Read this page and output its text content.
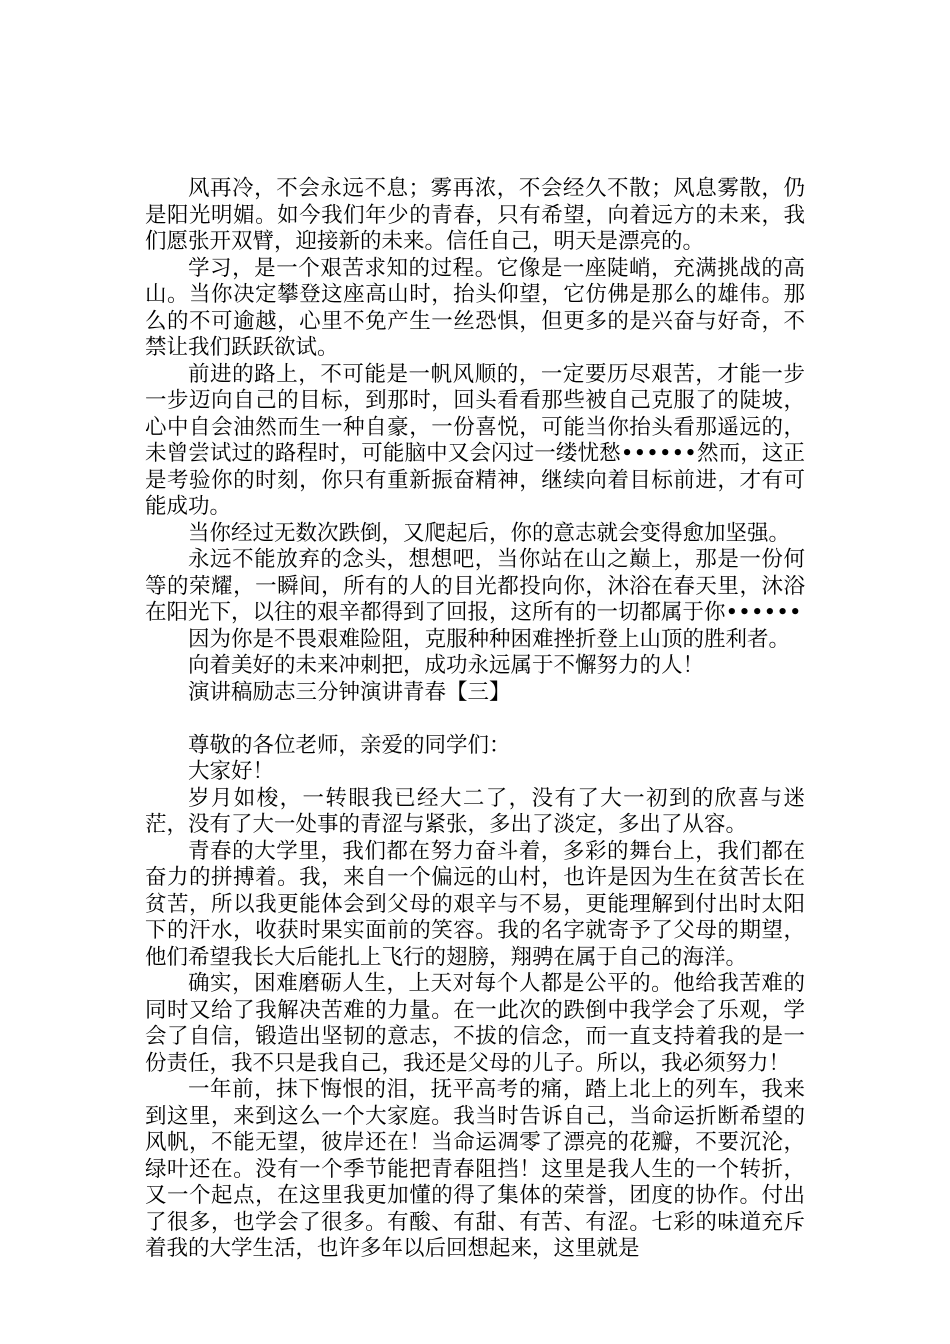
风再冷，不会永远不息；雾再浓，不会经久不散；风息雾散，仍是阳光明媚。如今我们年少的青春，只有希望，向着远方的未来，我们愿张开双臂，迎接新的未来。信任自己，明天是漂亮的。

学习，是一个艰苦求知的过程。它像是一座陡峭，充满挑战的高山。当你决定攀登这座高山时，抬头仰望，它仿佛是那么的雄伟。那么的不可逾越，心里不免产生一丝恐惧，但更多的是兴奋与好奇，不禁让我们跃跃欲试。

前进的路上，不可能是一帆风顺的，一定要历尽艰苦，才能一步一步迈向自己的目标，到那时，回头看看那些被自己克服了的陡坡，心中自会油然而生一种自豪，一份喜悦，可能当你抬头看那遥远的，未曾尝试过的路程时，可能脑中又会闪过一缕忧愁••••••然而，这正是考验你的时刻，你只有重新振奋精神，继续向着目标前进，才有可能成功。

当你经过无数次跌倒，又爬起后，你的意志就会变得愈加坚强。

永远不能放弃的念头，想想吧，当你站在山之巅上，那是一份何等的荣耀，一瞬间，所有的人的目光都投向你，沐浴在春天里，沐浴在阳光下，以往的艰辛都得到了回报，这所有的一切都属于你••••••

因为你是不畏艰难险阻，克服种种困难挫折登上山顶的胜利者。

向着美好的未来冲刺把，成功永远属于不懈努力的人！

演讲稿励志三分钟演讲青春【三】

尊敬的各位老师，亲爱的同学们：

大家好！

岁月如梭，一转眼我已经大二了，没有了大一初到的欣喜与迷茫，没有了大一处事的青涩与紧张，多出了淡定，多出了从容。

青春的大学里，我们都在努力奋斗着，多彩的舞台上，我们都在奋力的拼搏着。我，来自一个偏远的山村，也许是因为生在贫苦长在贫苦，所以我更能体会到父母的艰辛与不易，更能理解到付出时太阳下的汗水，收获时果实面前的笑容。我的名字就寄予了父母的期望，他们希望我长大后能扎上飞行的翅膀，翔骋在属于自己的海洋。

确实，困难磨砺人生，上天对每个人都是公平的。他给我苦难的同时又给了我解决苦难的力量。在一此次的跌倒中我学会了乐观，学会了自信，锻造出坚韧的意志，不拔的信念，而一直支持着我的是一份责任，我不只是我自己，我还是父母的儿子。所以，我必须努力！

一年前，抹下悔恨的泪，抚平高考的痛，踏上北上的列车，我来到这里，来到这么一个大家庭。我当时告诉自己，当命运折断希望的风帆，不能无望，彼岸还在！当命运凋零了漂亮的花瓣，不要沉沦，绿叶还在。没有一个季节能把青春阻挡！这里是我人生的一个转折，又一个起点，在这里我更加懂的得了集体的荣誉，团度的协作。付出了很多，也学会了很多。有酸、有甜、有苦、有涩。七彩的味道充斥着我的大学生活，也许多年以后回想起来，这里就是
